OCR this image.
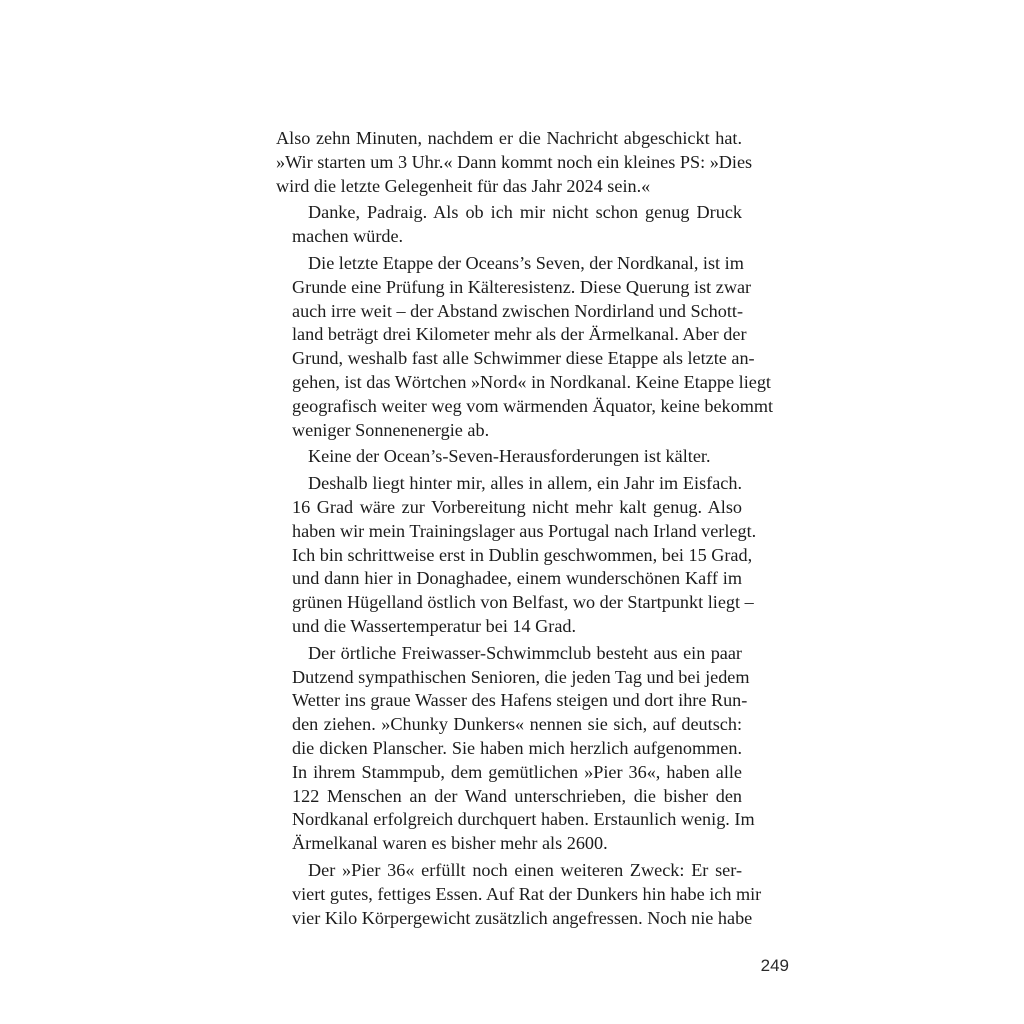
Also zehn Minuten, nachdem er die Nachricht abgeschickt hat.
»Wir starten um 3 Uhr.« Dann kommt noch ein kleines PS: »Dies
wird die letzte Gelegenheit für das Jahr 2024 sein.«

Danke, Padraig. Als ob ich mir nicht schon genug Druck
machen würde.

Die letzte Etappe der Oceans’s Seven, der Nordkanal, ist im
Grunde eine Prüfung in Kälteresistenz. Diese Querung ist zwar
auch irre weit – der Abstand zwischen Nordirland und Schott-
land beträgt drei Kilometer mehr als der Ärmelkanal. Aber der
Grund, weshalb fast alle Schwimmer diese Etappe als letzte an-
gehen, ist das Wörtchen »Nord« in Nordkanal. Keine Etappe liegt
geografisch weiter weg vom wärmenden Äquator, keine bekommt
weniger Sonnenenergie ab.

Keine der Ocean’s-Seven-Herausforderungen ist kälter.

Deshalb liegt hinter mir, alles in allem, ein Jahr im Eisfach.
16 Grad wäre zur Vorbereitung nicht mehr kalt genug. Also
haben wir mein Trainingslager aus Portugal nach Irland verlegt.
Ich bin schrittweise erst in Dublin geschwommen, bei 15 Grad,
und dann hier in Donaghadee, einem wunderschönen Kaff im
grünen Hügelland östlich von Belfast, wo der Startpunkt liegt –
und die Wassertemperatur bei 14 Grad.

Der örtliche Freiwasser-Schwimmclub besteht aus ein paar
Dutzend sympathischen Senioren, die jeden Tag und bei jedem
Wetter ins graue Wasser des Hafens steigen und dort ihre Run-
den ziehen. »Chunky Dunkers« nennen sie sich, auf deutsch:
die dicken Planscher. Sie haben mich herzlich aufgenommen.
In ihrem Stammpub, dem gemütlichen »Pier 36«, haben alle
122 Menschen an der Wand unterschrieben, die bisher den
Nordkanal erfolgreich durchquert haben. Erstaunlich wenig. Im
Ärmelkanal waren es bisher mehr als 2600.

Der »Pier 36« erfüllt noch einen weiteren Zweck: Er ser-
viert gutes, fettiges Essen. Auf Rat der Dunkers hin habe ich mir
vier Kilo Körpergewicht zusätzlich angefressen. Noch nie habe

249
